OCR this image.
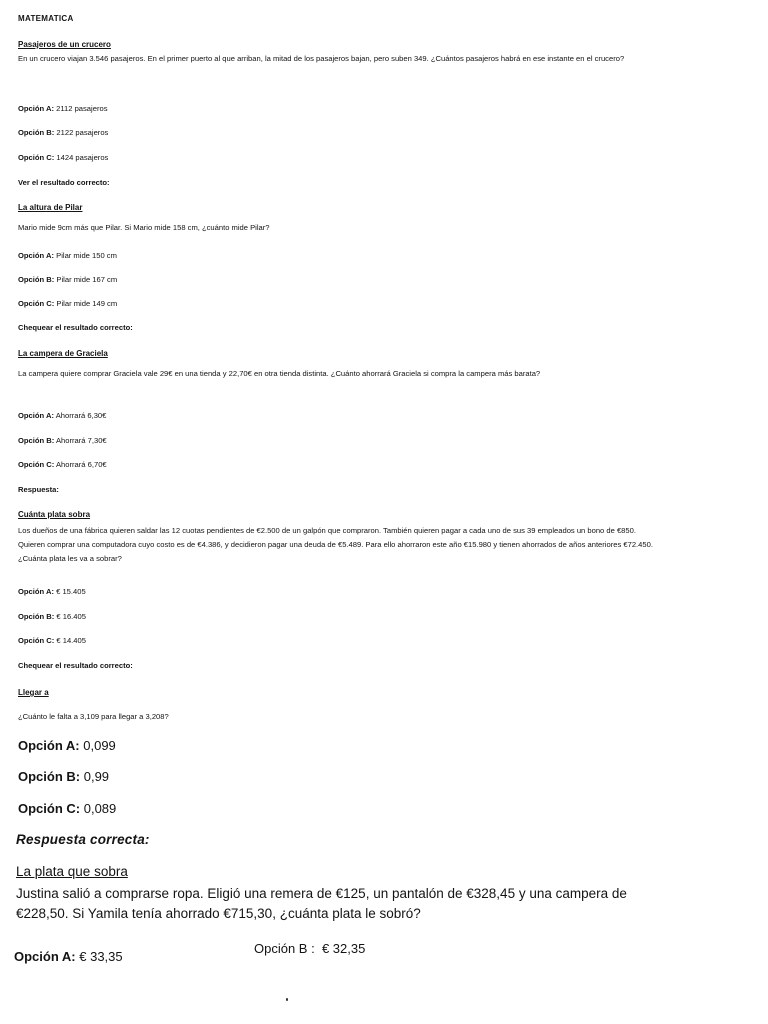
MATEMATICA

Pasajeros de un crucero

En un crucero viajan 3.546 pasajeros. En el primer puerto al que arriban, la mitad de los pasajeros bajan, pero suben 349. ¿Cuántos pasajeros habrá en ese instante en el crucero?

Opción A: 2112 pasajeros

Opción B: 2122 pasajeros

Opción C: 1424 pasajeros

Ver el resultado correcto:

La altura de Pilar

Mario mide 9cm más que Pilar. Si Mario mide 158 cm, ¿cuánto mide Pilar?

Opción A: Pilar mide 150 cm

Opción B: Pilar mide 167 cm

Opción C: Pilar mide 149 cm

Chequear el resultado correcto:

La campera de Graciela

La campera quiere comprar Graciela vale 29€ en una tienda y 22,70€ en otra tienda distinta. ¿Cuánto ahorrará Graciela si compra la campera más barata?

Opción A: Ahorrará 6,30€

Opción B: Ahorrará 7,30€

Opción C: Ahorrará 6,70€

Respuesta:

Cuánta plata sobra

Los dueños de una fábrica quieren saldar las 12 cuotas pendientes de €2.500 de un galpón que compraron. También quieren pagar a cada uno de sus 39 empleados un bono de €850. Quieren comprar una computadora cuyo costo es de €4.386, y decidieron pagar una deuda de €5.489. Para ello ahorraron este año €15.980 y tienen ahorrados de años anteriores €72.450. ¿Cuánta plata les va a sobrar?

Opción A: € 15.405

Opción B: € 16.405

Opción C: € 14.405

Chequear el resultado correcto:

Llegar a

¿Cuánto le falta a 3,109 para llegar a 3,208?

Opción A: 0,099

Opción B: 0,99

Opción C: 0,089

Respuesta correcta:

La plata que sobra

Justina salió a comprarse ropa. Eligió una remera de €125, un pantalón de €328,45 y una campera de €228,50. Si Yamila tenía ahorrado €715,30, ¿cuánta plata le sobró?

Opción A: € 33,35

Opción B : € 32,35
